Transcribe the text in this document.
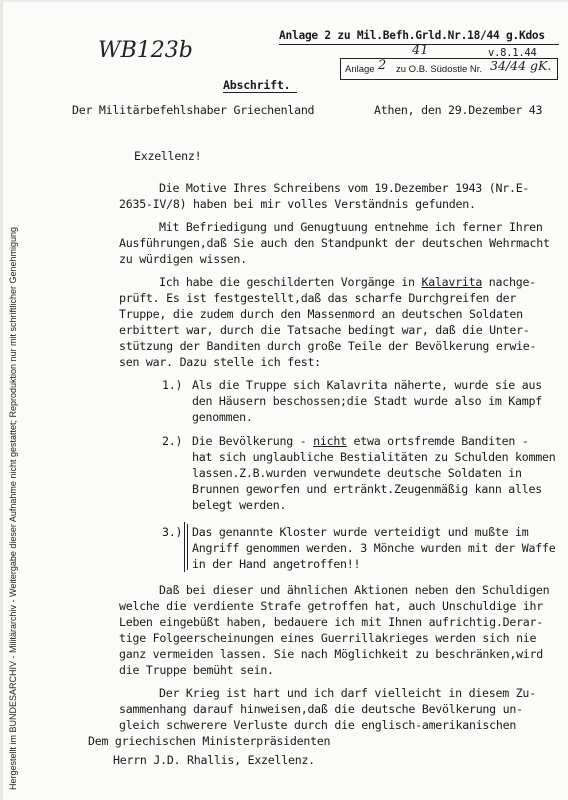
Hergestellt im BUNDESARCHIV - Militärarchiv - Weitergabe dieser Aufnahme nicht gestattet; Reproduktion nur mit schriftlicher Genehmigung
WB123b
Anlage 2 zu Mil.Befh.Grld.Nr.18/44 g.Kdos
41	v.8.1.44
Anlage 2 zu O.B. Südostle Nr. 34/44 gK.
Abschrift.
Der Militärbefehlshaber Griechenland	Athen, den 29.Dezember 43
Exzellenz!
Die Motive Ihres Schreibens vom 19.Dezember 1943 (Nr.E-
2635-IV/8) haben bei mir volles Verständnis gefunden.
Mit Befriedigung und Genugtuung entnehme ich ferner Ihren
Ausführungen,daß Sie auch den Standpunkt der deutschen Wehrmacht
zu würdigen wissen.
Ich habe die geschilderten Vorgänge in Kalavrita nachge-
prüft. Es ist festgestellt,daß das scharfe Durchgreifen der
Truppe, die zudem durch den Massenmord an deutschen Soldaten
erbittert war, durch die Tatsache bedingt war, daß die Unter-
stützung der Banditen durch große Teile der Bevölkerung erwie-
sen war. Dazu stelle ich fest:
1.) Als die Truppe sich Kalavrita näherte, wurde sie aus
den Häusern beschossen;die Stadt wurde also im Kampf
genommen.
2.) Die Bevölkerung - nicht etwa ortsfremde Banditen -
hat sich unglaubliche Bestialitäten zu Schulden kommen
lassen.Z.B.wurden verwundete deutsche Soldaten in
Brunnen geworfen und ertränkt.Zeugenmäßig kann alles
belegt werden.
3.) Das genannte Kloster wurde verteidigt und mußte im
Angriff genommen werden. 3 Mönche wurden mit der Waffe
in der Hand angetroffen!!
Daß bei dieser und ähnlichen Aktionen neben den Schuldigen
welche die verdiente Strafe getroffen hat, auch Unschuldige ihr
Leben eingebüßt haben, bedauere ich mit Ihnen aufrichtig.Derar-
tige Folgeerscheinungen eines Guerrillakrieges werden sich nie
ganz vermeiden lassen. Sie nach Möglichkeit zu beschränken,wird
die Truppe bemüht sein.
Der Krieg ist hart und ich darf vielleicht in diesem Zu-
sammenhang darauf hinweisen,daß die deutsche Bevölkerung un-
gleich schwerere Verluste durch die englisch-amerikanischen
Dem griechischen Ministerpräsidenten
Herrn J.D. Rhallis, Exzellenz.
